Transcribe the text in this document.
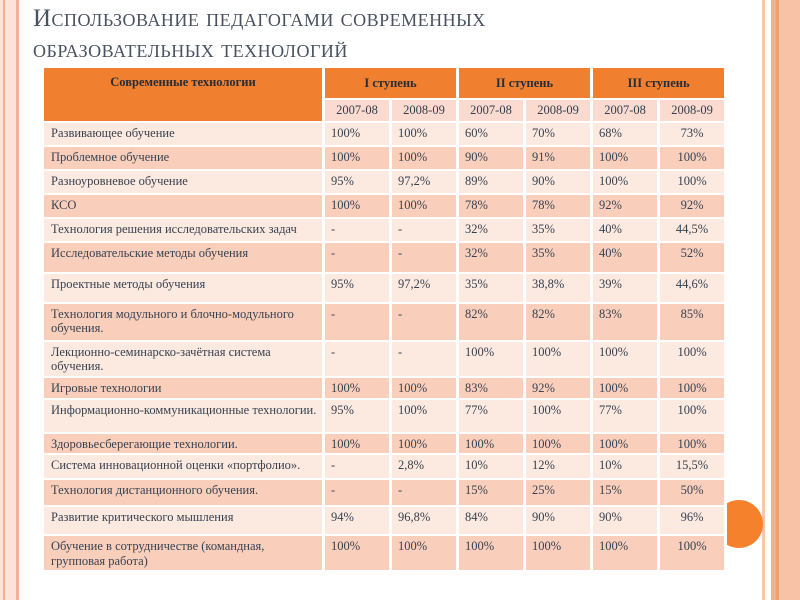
Использование педагогами современных образовательных технологий
Современные технологии	I ступень		II ступень		III ступень	
	2007-08	2008-09	2007-08	2008-09	2007-08	2008-09
Развивающее обучение	100%	100%	60%	70%	68%	73%
Проблемное обучение	100%	100%	90%	91%	100%	100%
Разноуровневое обучение	95%	97,2%	89%	90%	100%	100%
КСО	100%	100%	78%	78%	92%	92%
Технология решения исследовательских задач	-	-	32%	35%	40%	44,5%
Исследовательские методы обучения	-	-	32%	35%	40%	52%
Проектные методы обучения	95%	97,2%	35%	38,8%	39%	44,6%
Технология модульного и блочно-модульного обучения.	-	-	82%	82%	83%	85%
Лекционно-семинарско-зачётная система обучения.	-	-	100%	100%	100%	100%
Игровые технологии	100%	100%	83%	92%	100%	100%
Информационно-коммуникационные технологии.	95%	100%	77%	100%	77%	100%
Здоровьесберегающие технологии.	100%	100%	100%	100%	100%	100%
Система инновационной оценки «портфолио».	-	2,8%	10%	12%	10%	15,5%
Технология дистанционного обучения.	-	-	15%	25%	15%	50%
Развитие критического мышления	94%	96,8%	84%	90%	90%	96%
Обучение в сотрудничестве (командная, групповая работа)	100%	100%	100%	100%	100%	100%
